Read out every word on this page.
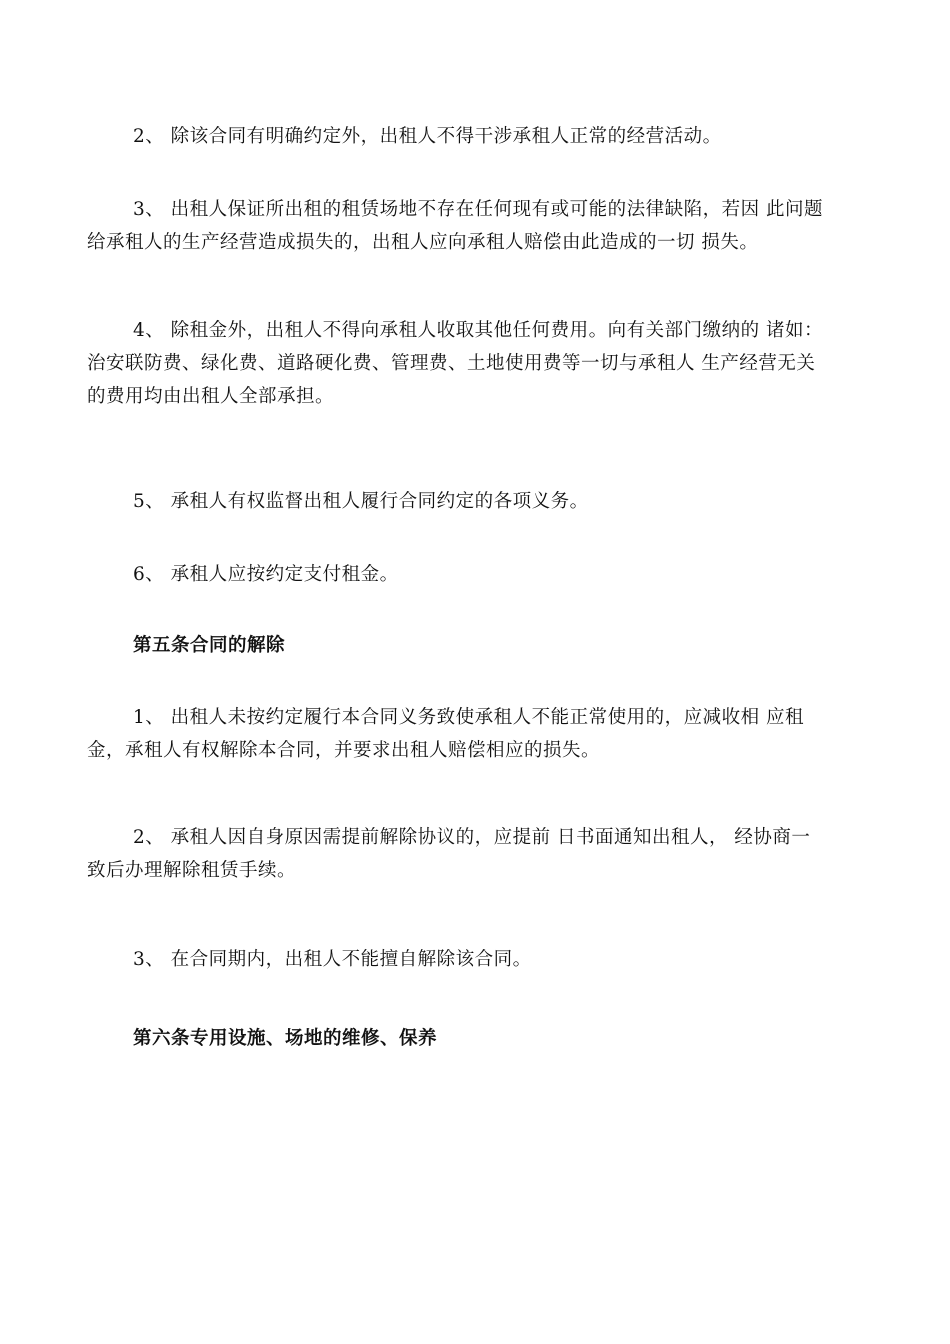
2、 除该合同有明确约定外，出租人不得干涉承租人正常的经营活动。

3、 出租人保证所出租的租赁场地不存在任何现有或可能的法律缺陷，若因 此问题
给承租人的生产经营造成损失的，出租人应向承租人赔偿由此造成的一切 损失。

4、 除租金外，出租人不得向承租人收取其他任何费用。向有关部门缴纳的 诸如：
治安联防费、绿化费、道路硬化费、管理费、土地使用费等一切与承租人 生产经营无关
的费用均由出租人全部承担。

5、 承租人有权监督出租人履行合同约定的各项义务。

6、 承租人应按约定支付租金。

第五条合同的解除

1、 出租人未按约定履行本合同义务致使承租人不能正常使用的，应减收相 应租
金，承租人有权解除本合同，并要求出租人赔偿相应的损失。

2、 承租人因自身原因需提前解除协议的，应提前 日书面通知出租人， 经协商一
致后办理解除租赁手续。

3、 在合同期内，出租人不能擅自解除该合同。

第六条专用设施、场地的维修、保养
